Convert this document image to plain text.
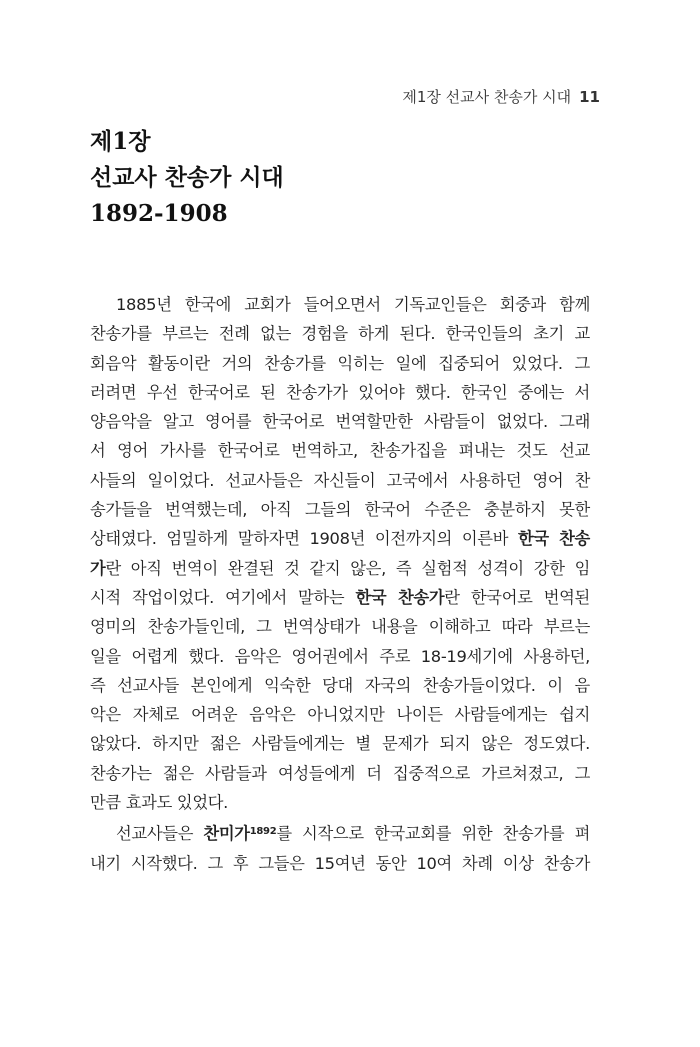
제1장 선교사 찬송가 시대 11
제1장
선교사 찬송가 시대
1892-1908
1885년 한국에 교회가 들어오면서 기독교인들은 회중과 함께
찬송가를 부르는 전례 없는 경험을 하게 된다. 한국인들의 초기 교
회음악 활동이란 거의 찬송가를 익히는 일에 집중되어 있었다. 그
러려면 우선 한국어로 된 찬송가가 있어야 했다. 한국인 중에는 서
양음악을 알고 영어를 한국어로 번역할만한 사람들이 없었다. 그래
서 영어 가사를 한국어로 번역하고, 찬송가집을 펴내는 것도 선교
사들의 일이었다. 선교사들은 자신들이 고국에서 사용하던 영어 찬
송가들을 번역했는데, 아직 그들의 한국어 수준은 충분하지 못한
상태였다. 엄밀하게 말하자면 1908년 이전까지의 이른바 한국 찬송
가란 아직 번역이 완결된 것 같지 않은, 즉 실험적 성격이 강한 임
시적 작업이었다. 여기에서 말하는 한국 찬송가란 한국어로 번역된
영미의 찬송가들인데, 그 번역상태가 내용을 이해하고 따라 부르는
일을 어렵게 했다. 음악은 영어권에서 주로 18-19세기에 사용하던,
즉 선교사들 본인에게 익숙한 당대 자국의 찬송가들이었다. 이 음
악은 자체로 어려운 음악은 아니었지만 나이든 사람들에게는 쉽지
않았다. 하지만 젊은 사람들에게는 별 문제가 되지 않은 정도였다.
찬송가는 젊은 사람들과 여성들에게 더 집중적으로 가르쳐졌고, 그
만큼 효과도 있었다.
선교사들은 찬미가$^{1892}$를 시작으로 한국교회를 위한 찬송가를 펴
내기 시작했다. 그 후 그들은 15여년 동안 10여 차례 이상 찬송가
